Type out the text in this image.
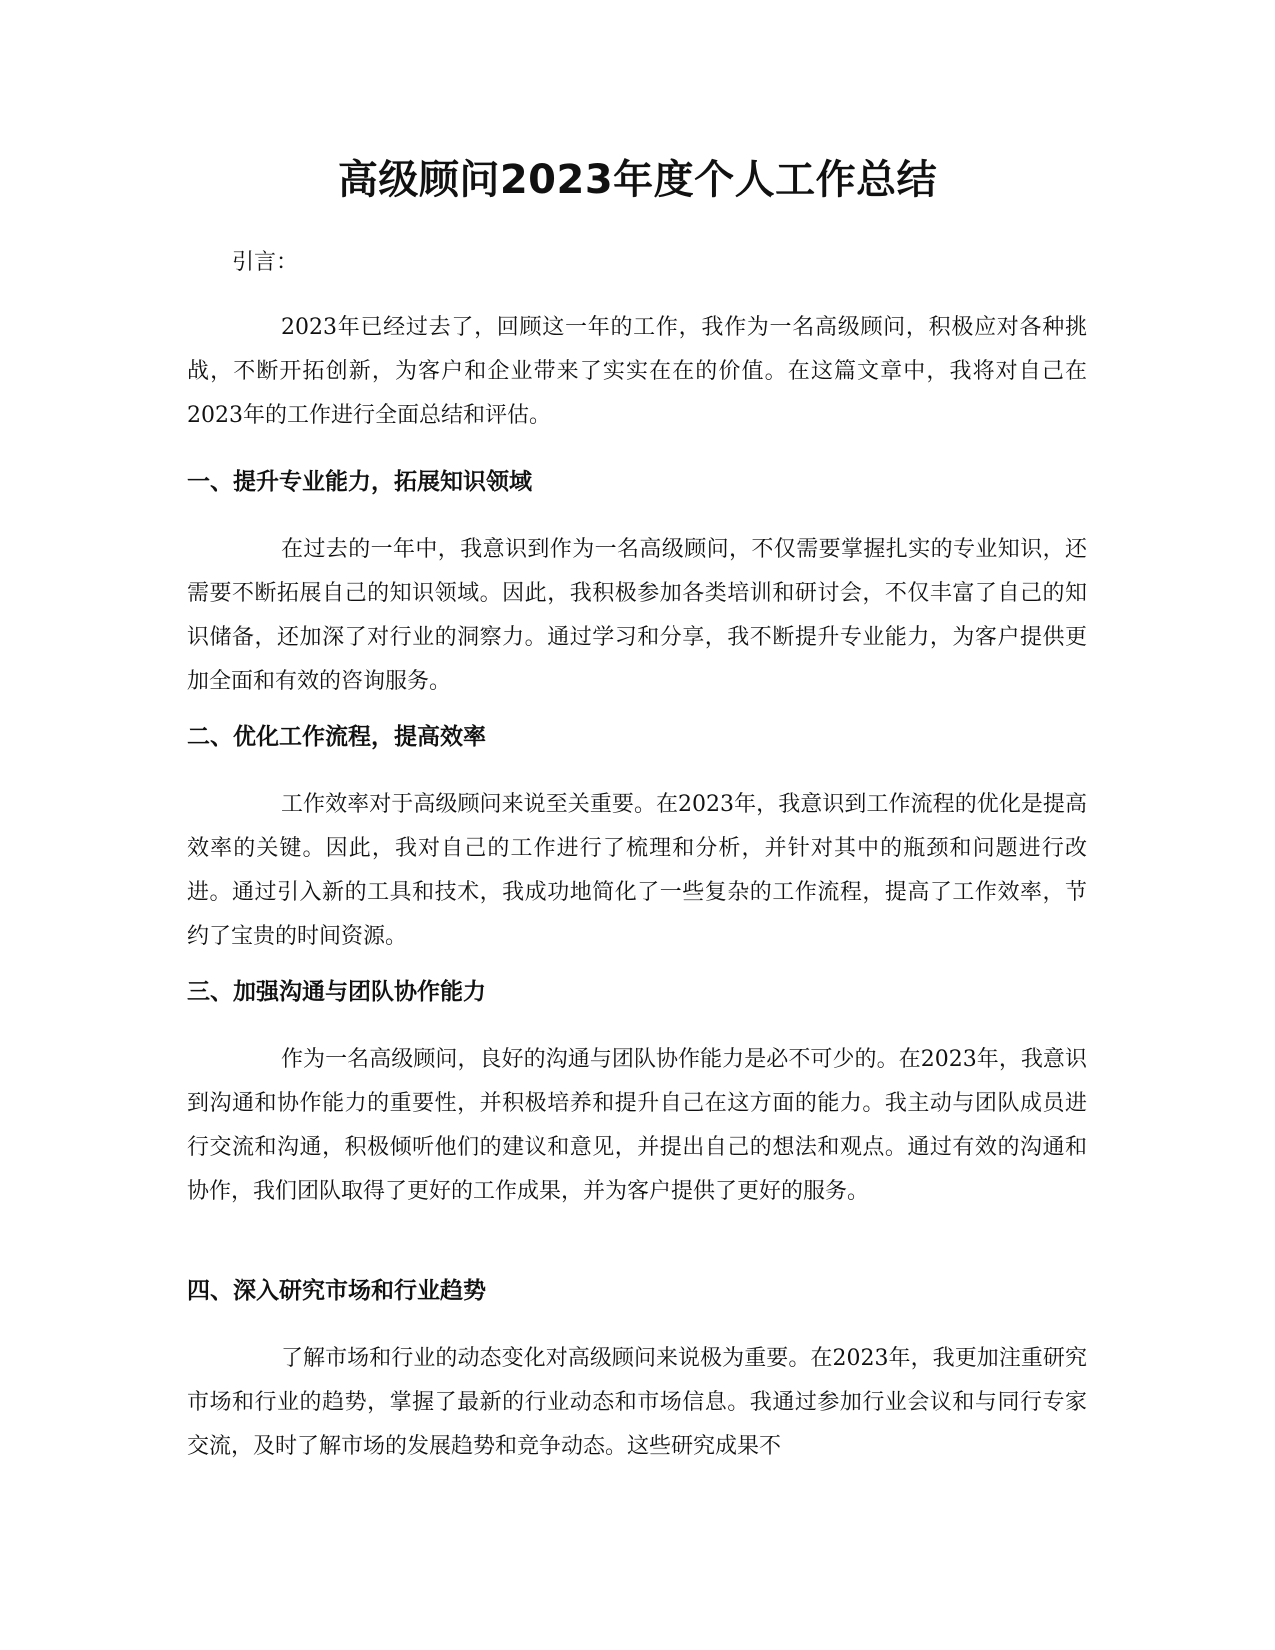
高级顾问2023年度个人工作总结

引言：

2023年已经过去了，回顾这一年的工作，我作为一名高级顾问，积极应对各种挑战，不断开拓创新，为客户和企业带来了实实在在的价值。在这篇文章中，我将对自己在2023年的工作进行全面总结和评估。

一、提升专业能力，拓展知识领域

在过去的一年中，我意识到作为一名高级顾问，不仅需要掌握扎实的专业知识，还需要不断拓展自己的知识领域。因此，我积极参加各类培训和研讨会，不仅丰富了自己的知识储备，还加深了对行业的洞察力。通过学习和分享，我不断提升专业能力，为客户提供更加全面和有效的咨询服务。

二、优化工作流程，提高效率

工作效率对于高级顾问来说至关重要。在2023年，我意识到工作流程的优化是提高效率的关键。因此，我对自己的工作进行了梳理和分析，并针对其中的瓶颈和问题进行改进。通过引入新的工具和技术，我成功地简化了一些复杂的工作流程，提高了工作效率，节约了宝贵的时间资源。

三、加强沟通与团队协作能力

作为一名高级顾问，良好的沟通与团队协作能力是必不可少的。在2023年，我意识到沟通和协作能力的重要性，并积极培养和提升自己在这方面的能力。我主动与团队成员进行交流和沟通，积极倾听他们的建议和意见，并提出自己的想法和观点。通过有效的沟通和协作，我们团队取得了更好的工作成果，并为客户提供了更好的服务。

四、深入研究市场和行业趋势

了解市场和行业的动态变化对高级顾问来说极为重要。在2023年，我更加注重研究市场和行业的趋势，掌握了最新的行业动态和市场信息。我通过参加行业会议和与同行专家交流，及时了解市场的发展趋势和竞争动态。这些研究成果不
